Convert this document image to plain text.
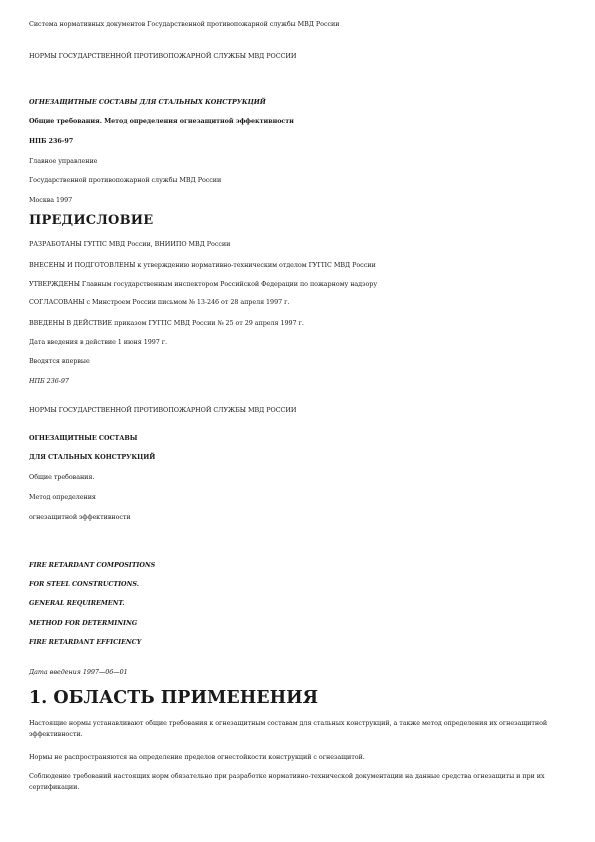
Система нормативных документов Государственной противопожарной службы МВД России
НОРМЫ ГОСУДАРСТВЕННОЙ ПРОТИВОПОЖАРНОЙ СЛУЖБЫ МВД РОССИИ
ОГНЕЗАЩИТНЫЕ СОСТАВЫ ДЛЯ СТАЛЬНЫХ КОНСТРУКЦИЙ
Общие требования. Метод определения огнезащитной эффективности
НПБ 236-97
Главное управление
Государственной противопожарной службы МВД России
Москва 1997
ПРЕДИСЛОВИЕ
РАЗРАБОТАНЫ ГУГПС МВД России, ВНИИПО МВД России
ВНЕСЕНЫ И ПОДГОТОВЛЕНЫ к утверждению нормативно-техническим отделом ГУГПС МВД России
УТВЕРЖДЕНЫ Главным государственным инспектором Российской Федерации по пожарному надзору
СОГЛАСОВАНЫ с Минстроем России письмом № 13-246 от 28 апреля 1997 г.
ВВЕДЕНЫ В ДЕЙСТВИЕ приказом ГУГПС МВД России № 25 от 29 апреля 1997 г.
Дата введения в действие 1 июня 1997 г.
Вводятся впервые
НПБ 236-97
НОРМЫ ГОСУДАРСТВЕННОЙ ПРОТИВОПОЖАРНОЙ СЛУЖБЫ МВД РОССИИ
ОГНЕЗАЩИТНЫЕ СОСТАВЫ
ДЛЯ СТАЛЬНЫХ КОНСТРУКЦИЙ
Общие требования.
Метод определения
огнезащитной эффективности
FIRE RETARDANT COMPOSITIONS
FOR STEEL CONSTRUCTIONS.
GENERAL REQUIREMENT.
METHOD FOR DETERMINING
FIRE RETARDANT EFFICIENCY
Дата введения 1997—06—01
1. ОБЛАСТЬ ПРИМЕНЕНИЯ
Настоящие нормы устанавливают общие требования к огнезащитным составам для стальных конструкций, а также метод определения их огнезащитной эффективности.
Нормы не распространяются на определение пределов огнестойкости конструкций с огнезащитой.
Соблюдение требований настоящих норм обязательно при разработке нормативно-технической документации на данные средства огнезащиты и при их сертификации.
